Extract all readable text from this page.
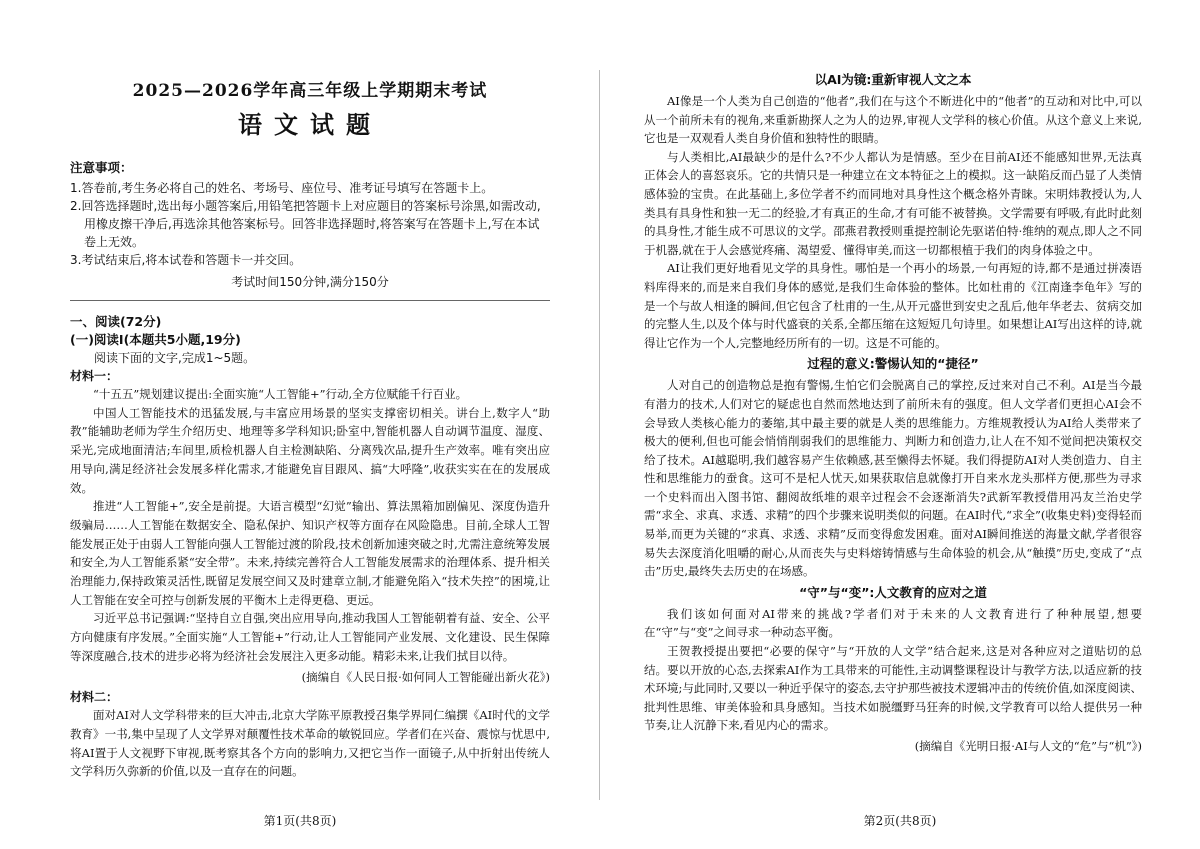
2025—2026学年高三年级上学期期末考试
语文试题
注意事项：
1.答卷前,考生务必将自己的姓名、考场号、座位号、准考证号填写在答题卡上。
2.回答选择题时,选出每小题答案后,用铅笔把答题卡上对应题目的答案标号涂黑,如需改动,用橡皮擦干净后,再选涂其他答案标号。回答非选择题时,将答案写在答题卡上,写在本试卷上无效。
3.考试结束后,将本试卷和答题卡一并交回。
考试时间150分钟,满分150分
一、阅读(72分)
(一)阅读Ⅰ(本题共5小题,19分)
阅读下面的文字,完成1~5题。
材料一：

“十五五”规划建议提出:全面实施“人工智能+”行动,全方位赋能千行百业。

中国人工智能技术的迅猛发展,与丰富应用场景的坚实支撑密切相关。讲台上,数字人“助教”能辅助老师为学生介绍历史、地理等多学科知识;卧室中,智能机器人自动调节温度、湿度、采光,完成地面清洁;车间里,质检机器人自主检测缺陷、分离残次品,提升生产效率。唯有突出应用导向,满足经济社会发展多样化需求,才能避免盲目跟风、搞“大呼隆”,收获实实在在的发展成效。

推进“人工智能+”,安全是前提。大语言模型“幻觉”输出、算法黑箱加剧偏见、深度伪造升级骗局……人工智能在数据安全、隐私保护、知识产权等方面存在风险隐患。目前,全球人工智能发展正处于由弱人工智能向强人工智能过渡的阶段,技术创新加速突破之时,尤需注意统筹发展和安全,为人工智能系紧“安全带”。未来,持续完善符合人工智能发展需求的治理体系、提升相关治理能力,保持政策灵活性,既留足发展空间又及时建章立制,才能避免陷入“技术失控”的困境,让人工智能在安全可控与创新发展的平衡木上走得更稳、更远。

习近平总书记强调:“坚持自立自强,突出应用导向,推动我国人工智能朝着有益、安全、公平方向健康有序发展。”全面实施“人工智能+”行动,让人工智能同产业发展、文化建设、民生保障等深度融合,技术的进步必将为经济社会发展注入更多动能。精彩未来,让我们拭目以待。

(摘编自《人民日报·如何同人工智能碰出新火花》)
材料二：

面对AI对人文学科带来的巨大冲击,北京大学陈平原教授召集学界同仁编撰《AI时代的文学教育》一书,集中呈现了人文学界对颠覆性技术革命的敏锐回应。学者们在兴奋、震惊与忧思中,将AI置于人文视野下审视,既考察其各个方向的影响力,又把它当作一面镜子,从中折射出传统人文学科历久弥新的价值,以及一直存在的问题。

第1页(共8页)
以AI为镜:重新审视人文之本

AI像是一个人类为自己创造的“他者”,我们在与这个不断进化中的“他者”的互动和对比中,可以从一个前所未有的视角,来重新勘探人之为人的边界,审视人文学科的核心价值。从这个意义上来说,它也是一双观看人类自身价值和独特性的眼睛。

与人类相比,AI最缺少的是什么?不少人都认为是情感。至少在目前AI还不能感知世界,无法真正体会人的喜怒哀乐。它的共情只是一种建立在文本特征之上的模拟。这一缺陷反而凸显了人类情感体验的宝贵。在此基础上,多位学者不约而同地对具身性这个概念格外青睐。宋明炜教授认为,人类具有具身性和独一无二的经验,才有真正的生命,才有可能不被替换。文学需要有呼吸,有此时此刻的具身性,才能生成不可思议的文学。邵燕君教授则重提控制论先驱诺伯特·维纳的观点,即人之不同于机器,就在于人会感觉疼痛、渴望爱、懂得审美,而这一切都根植于我们的肉身体验之中。

AI让我们更好地看见文学的具身性。哪怕是一个再小的场景,一句再短的诗,都不是通过拼凑语料库得来的,而是来自我们身体的感觉,是我们生命体验的整体。比如杜甫的《江南逢李龟年》写的是一个与故人相逢的瞬间,但它包含了杜甫的一生,从开元盛世到安史之乱后,他年华老去、贫病交加的完整人生,以及个体与时代盛衰的关系,全都压缩在这短短几句诗里。如果想让AI写出这样的诗,就得让它作为一个人,完整地经历所有的一切。这是不可能的。

过程的意义:警惕认知的“捷径”

人对自己的创造物总是抱有警惕,生怕它们会脱离自己的掌控,反过来对自己不利。AI是当今最有潜力的技术,人们对它的疑虑也自然而然地达到了前所未有的强度。但人文学者们更担心AI会不会导致人类核心能力的萎缩,其中最主要的就是人类的思维能力。方维规教授认为AI给人类带来了极大的便利,但也可能会悄悄削弱我们的思维能力、判断力和创造力,让人在不知不觉间把决策权交给了技术。AI越聪明,我们越容易产生依赖感,甚至懒得去怀疑。我们得提防AI对人类创造力、自主性和思维能力的蚕食。这可不是杞人忧天,如果获取信息就像打开自来水龙头那样方便,那些为寻求一个史料而出入图书馆、翻阅故纸堆的艰辛过程会不会逐渐消失?武新军教授借用冯友兰治史学需“求全、求真、求透、求精”的四个步骤来说明类似的问题。在AI时代,“求全”(收集史料)变得轻而易举,而更为关键的“求真、求透、求精”反而变得愈发困难。面对AI瞬间推送的海量文献,学者很容易失去深度消化咀嚼的耐心,从而丧失与史料熔铸情感与生命体验的机会,从“触摸”历史,变成了“点击”历史,最终失去历史的在场感。

“守”与“变”:人文教育的应对之道

我们该如何面对AI带来的挑战?学者们对于未来的人文教育进行了种种展望,想要在“守”与“变”之间寻求一种动态平衡。

王贺教授提出要把“必要的保守”与“开放的人文学”结合起来,这是对各种应对之道贴切的总结。要以开放的心态,去探索AI作为工具带来的可能性,主动调整课程设计与教学方法,以适应新的技术环境;与此同时,又要以一种近乎保守的姿态,去守护那些被技术逻辑冲击的传统价值,如深度阅读、批判性思维、审美体验和具身感知。当技术如脱缰野马狂奔的时候,文学教育可以给人提供另一种节奏,让人沉静下来,看见内心的需求。

(摘编自《光明日报·AI与人文的“危”与“机”》)
第2页(共8页)
